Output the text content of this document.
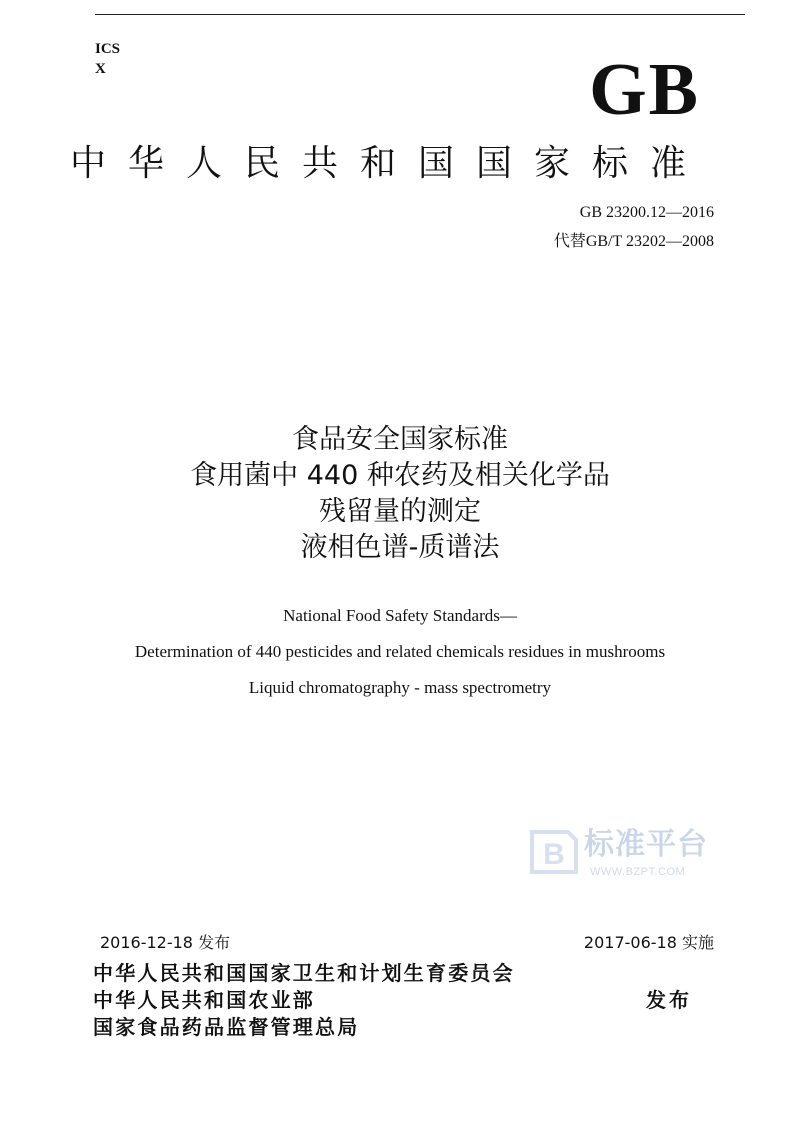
ICS
X	GB
中华人民共和国国家标准
GB 23200.12—2016
代替GB/T 23202—2008
食品安全国家标准
食用菌中 440 种农药及相关化学品
残留量的测定
液相色谱-质谱法
National Food Safety Standards—
Determination of 440 pesticides and related chemicals residues in mushrooms
Liquid chromatography - mass spectrometry
B 标准平台
WWW.BZPT.COM
2016-12-18 发布	2017-06-18 实施
中华人民共和国国家卫生和计划生育委员会
中华人民共和国农业部
国家食品药品监督管理总局
发布
